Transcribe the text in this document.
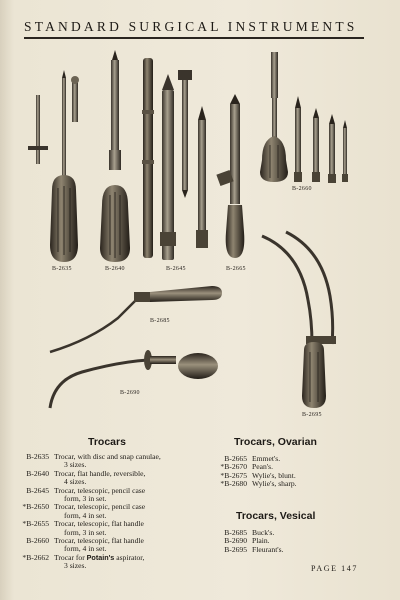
STANDARD SURGICAL INSTRUMENTS
B-2635	B-2640	B-2645	B-2665
B-2660
B-2685
B-2690
B-2695
Trocars
B-2635 Trocar, with disc and snap canulae,
3 sizes.
B-2640 Trocar, flat handle, reversible,
4 sizes.
B-2645 Trocar, telescopic, pencil case
form, 3 in set.
*B-2650 Trocar, telescopic, pencil case
form, 4 in set.
*B-2655 Trocar, telescopic, flat handle
form, 3 in set.
B-2660 Trocar, telescopic, flat handle
form, 4 in set.
*B-2662 Trocar for Potain's aspirator,
3 sizes.
Trocars, Ovarian
B-2665 Emmet's.
*B-2670 Pean's.
*B-2675 Wylie's, blunt.
*B-2680 Wylie's, sharp.
Trocars, Vesical
B-2685 Buck's.
B-2690 Plain.
B-2695 Fleurant's.
PAGE 147
